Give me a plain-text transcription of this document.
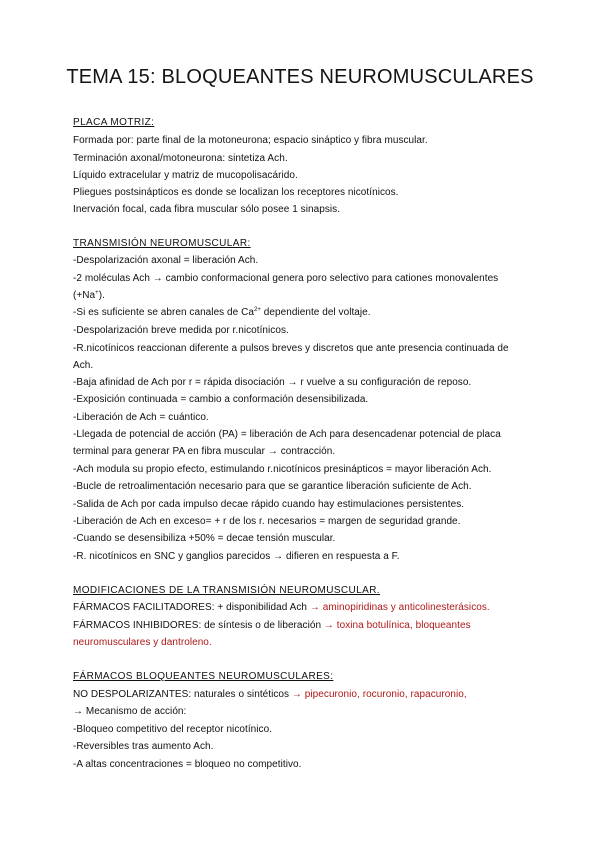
TEMA 15: BLOQUEANTES NEUROMUSCULARES
PLACA MOTRIZ:
Formada por: parte final de la motoneurona; espacio sináptico y fibra muscular.
Terminación axonal/motoneurona: sintetiza Ach.
Líquido extracelular y matriz de mucopolisacárido.
Pliegues postsinápticos es donde se localizan los receptores nicotínicos.
Inervación focal, cada fibra muscular sólo posee 1 sinapsis.
TRANSMISIÓN NEUROMUSCULAR:
-Despolarización axonal = liberación Ach.
-2 moléculas Ach → cambio conformacional genera poro selectivo para cationes monovalentes
(+Na+).
-Si es suficiente se abren canales de $Ca^{2+}$ dependiente del voltaje.
-Despolarización breve medida por r.nicotínicos.
-R.nicotínicos reaccionan diferente a pulsos breves y discretos que ante presencia continuada de
Ach.
-Baja afinidad de Ach por r = rápida disociación → r vuelve a su configuración de reposo.
-Exposición continuada = cambio a conformación desensibilizada.
-Liberación de Ach = cuántico.
-Llegada de potencial de acción (PA) = liberación de Ach para desencadenar potencial de placa
terminal para generar PA en fibra muscular → contracción.
-Ach modula su propio efecto, estimulando r.nicotínicos presinápticos = mayor liberación Ach.
-Bucle de retroalimentación necesario para que se garantice liberación suficiente de Ach.
-Salida de Ach por cada impulso decae rápido cuando hay estimulaciones persistentes.
-Liberación de Ach en exceso= + r de los r. necesarios = margen de seguridad grande.
-Cuando se desensibiliza +50% = decae tensión muscular.
-R. nicotínicos en SNC y ganglios parecidos → difieren en respuesta a F.
MODIFICACIONES DE LA TRANSMISIÓN NEUROMUSCULAR.
FÁRMACOS FACILITADORES: + disponibilidad Ach → aminopiridinas y anticolinesterásicos.
FÁRMACOS INHIBIDORES: de síntesis o de liberación → toxina botulínica, bloqueantes
neuromusculares y dantroleno.
FÁRMACOS BLOQUEANTES NEUROMUSCULARES:
NO DESPOLARIZANTES: naturales o sintéticos → pipecuronio, rocuronio, rapacuronio,
→ Mecanismo de acción:
-Bloqueo competitivo del receptor nicotínico.
-Reversibles tras aumento Ach.
-A altas concentraciones = bloqueo no competitivo.
